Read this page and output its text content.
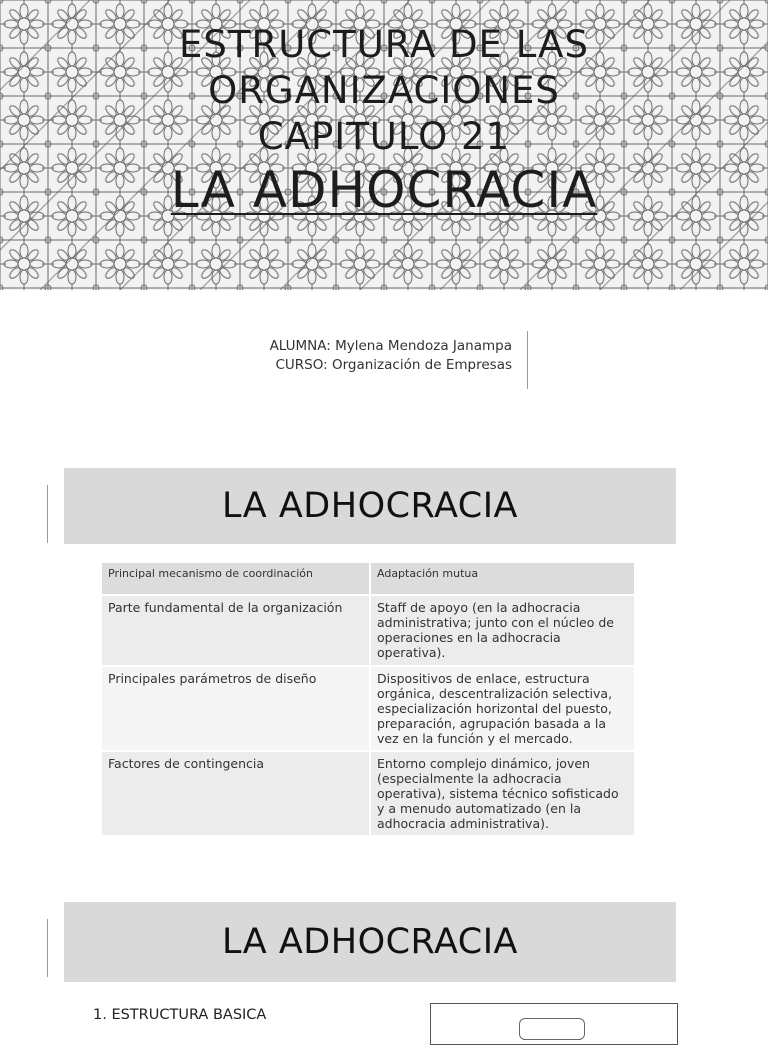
ESTRUCTURA DE LAS
ORGANIZACIONES
CAPITULO 21
LA ADHOCRACIA
ALUMNA: Mylena Mendoza Janampa
CURSO: Organización de Empresas
LA ADHOCRACIA
Principal mecanismo de coordinación	Adaptación mutua
Parte fundamental de la organización	Staff de apoyo (en la adhocracia administrativa; junto con el núcleo de operaciones en la adhocracia operativa).
Principales parámetros de diseño	Dispositivos de enlace, estructura orgánica, descentralización selectiva, especialización horizontal del puesto, preparación, agrupación basada a la vez en la función y el mercado.
Factores de contingencia	Entorno complejo dinámico, joven (especialmente la adhocracia operativa), sistema técnico sofisticado y a menudo automatizado (en la adhocracia administrativa).
LA ADHOCRACIA
1. ESTRUCTURA BASICA
